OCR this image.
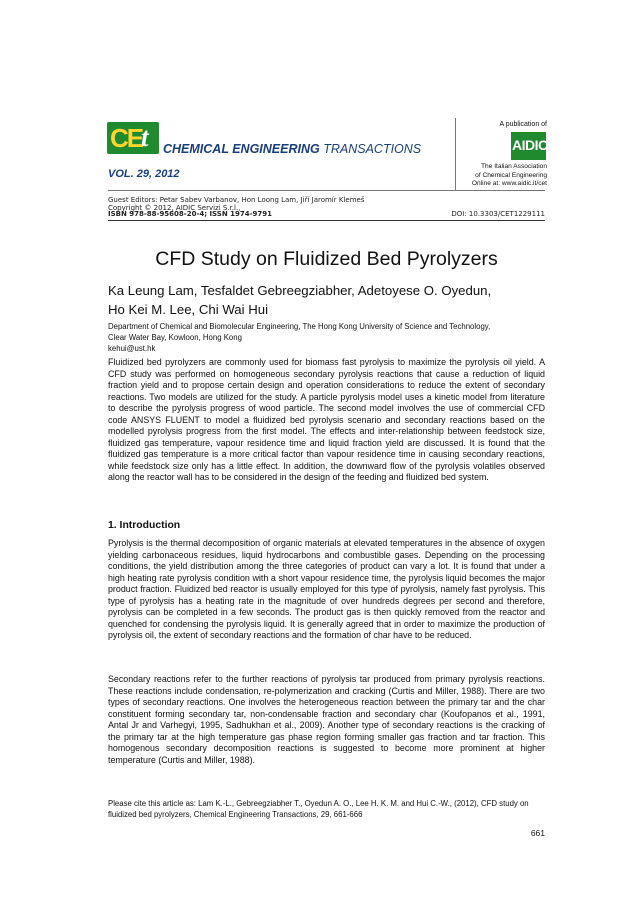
CE
t CHEMICAL ENGINEERING TRANSACTIONS
VOL. 29, 2012
A publication of
AIDIC
The Italian Association
of Chemical Engineering
Online at: www.aidic.it/cet
Guest Editors: Petar Sabev Varbanov, Hon Loong Lam, Jiří Jaromír Klemeš
Copyright © 2012, AIDIC Servizi S.r.l.,
ISBN 978-88-95608-20-4; ISSN 1974-9791	DOI: 10.3303/CET1229111
CFD Study on Fluidized Bed Pyrolyzers
Ka Leung Lam, Tesfaldet Gebreegziabher, Adetoyese O. Oyedun,
Ho Kei M. Lee, Chi Wai Hui
Department of Chemical and Biomolecular Engineering, The Hong Kong University of Science and Technology,
Clear Water Bay, Kowloon, Hong Kong
kehui@ust.hk
Fluidized bed pyrolyzers are commonly used for biomass fast pyrolysis to maximize the pyrolysis oil yield. A CFD study was performed on homogeneous secondary pyrolysis reactions that cause a reduction of liquid fraction yield and to propose certain design and operation considerations to reduce the extent of secondary reactions. Two models are utilized for the study. A particle pyrolysis model uses a kinetic model from literature to describe the pyrolysis progress of wood particle. The second model involves the use of commercial CFD code ANSYS FLUENT to model a fluidized bed pyrolysis scenario and secondary reactions based on the modelled pyrolysis progress from the first model. The effects and inter-relationship between feedstock size, fluidized gas temperature, vapour residence time and liquid fraction yield are discussed. It is found that the fluidized gas temperature is a more critical factor than vapour residence time in causing secondary reactions, while feedstock size only has a little effect. In addition, the downward flow of the pyrolysis volatiles observed along the reactor wall has to be considered in the design of the feeding and fluidized bed system.
1. Introduction
Pyrolysis is the thermal decomposition of organic materials at elevated temperatures in the absence of oxygen yielding carbonaceous residues, liquid hydrocarbons and combustible gases. Depending on the processing conditions, the yield distribution among the three categories of product can vary a lot. It is found that under a high heating rate pyrolysis condition with a short vapour residence time, the pyrolysis liquid becomes the major product fraction. Fluidized bed reactor is usually employed for this type of pyrolysis, namely fast pyrolysis. This type of pyrolysis has a heating rate in the magnitude of over hundreds degrees per second and therefore, pyrolysis can be completed in a few seconds. The product gas is then quickly removed from the reactor and quenched for condensing the pyrolysis liquid. It is generally agreed that in order to maximize the production of pyrolysis oil, the extent of secondary reactions and the formation of char have to be reduced.
Secondary reactions refer to the further reactions of pyrolysis tar produced from primary pyrolysis reactions. These reactions include condensation, re-polymerization and cracking (Curtis and Miller, 1988). There are two types of secondary reactions. One involves the heterogeneous reaction between the primary tar and the char constituent forming secondary tar, non-condensable fraction and secondary char (Koufopanos et al., 1991, Antal Jr and Varhegyi, 1995, Sadhukhan et al., 2009). Another type of secondary reactions is the cracking of the primary tar at the high temperature gas phase region forming smaller gas fraction and tar fraction. This homogenous secondary decomposition reactions is suggested to become more prominent at higher temperature (Curtis and Miller, 1988).
Please cite this article as: Lam K.-L., Gebreegziabher T., Oyedun A. O., Lee H. K. M. and Hui C.-W., (2012), CFD study on fluidized bed pyrolyzers, Chemical Engineering Transactions, 29, 661-666
661
